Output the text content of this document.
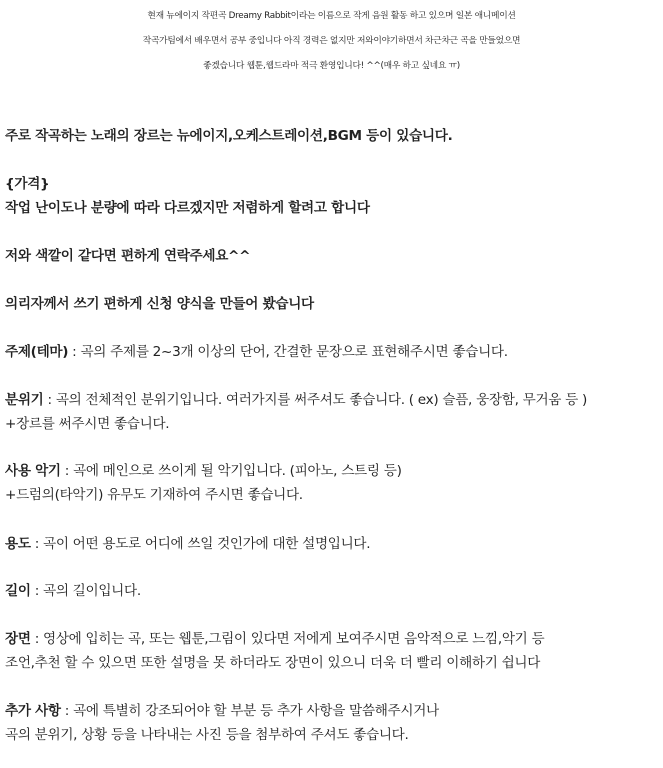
현재 뉴에이지 작편곡 Dreamy Rabbit이라는 이름으로 작게 음원 활동 하고 있으며 일본 애니메이션
작곡가팀에서 배우면서 공부 중입니다 아직 경력은 없지만 저와이야기하면서 차근차근 곡을 만들었으면
좋겠습니다 웹툰,웹드라마 적극 환영입니다! ^^(매우 하고 싶네요 ㅠ)
주로 작곡하는 노래의 장르는 뉴에이지,오케스트레이션,BGM 등이 있습니다.
{가격}
작업 난이도나 분량에 따라 다르겠지만 저렴하게 할려고 합니다
저와 색깔이 같다면 편하게 연락주세요^^
의리자께서 쓰기 편하게 신청 양식을 만들어 봤습니다
주제(테마) : 곡의 주제를 2~3개 이상의 단어, 간결한 문장으로 표현해주시면 좋습니다.
분위기 : 곡의 전체적인 분위기입니다. 여러가지를 써주셔도 좋습니다. ( ex) 슬픔, 웅장함, 무거움 등 )
+장르를 써주시면 좋습니다.
사용 악기 : 곡에 메인으로 쓰이게 될 악기입니다. (피아노, 스트링 등)
+드럼의(타악기) 유무도 기재하여 주시면 좋습니다.
용도 : 곡이 어떤 용도로 어디에 쓰일 것인가에 대한 설명입니다.
길이 : 곡의 길이입니다.
장면 : 영상에 입히는 곡, 또는 웹툰,그림이 있다면 저에게 보여주시면 음악적으로 느낌,악기 등
조언,추천 할 수 있으면 또한 설명을 못 하더라도 장면이 있으니 더욱 더 빨리 이해하기 쉽니다
추가 사항 : 곡에 특별히 강조되어야 할 부분 등 추가 사항을 말씀해주시거나
곡의 분위기, 상황 등을 나타내는 사진 등을 첨부하여 주셔도 좋습니다.
